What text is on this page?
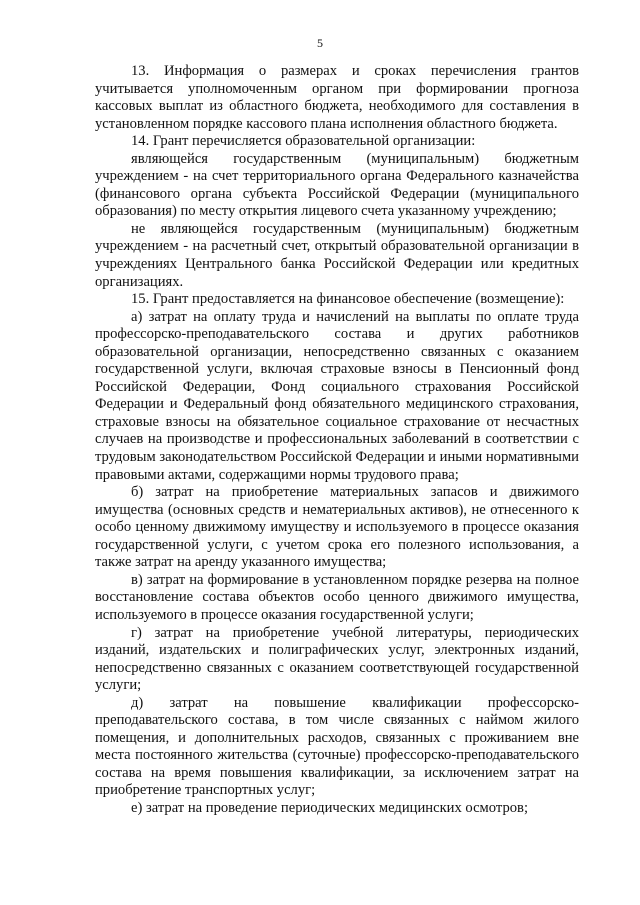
5

13. Информация о размерах и сроках перечисления грантов учитывается уполномоченным органом при формировании прогноза кассовых выплат из областного бюджета, необходимого для составления в установленном порядке кассового плана исполнения областного бюджета.

14. Грант перечисляется образовательной организации:

являющейся государственным (муниципальным) бюджетным учреждением - на счет территориального органа Федерального казначейства (финансового органа субъекта Российской Федерации (муниципального образования) по месту открытия лицевого счета указанному учреждению;

не являющейся государственным (муниципальным) бюджетным учреждением - на расчетный счет, открытый образовательной организации в учреждениях Центрального банка Российской Федерации или кредитных организациях.

15. Грант предоставляется на финансовое обеспечение (возмещение):

а) затрат на оплату труда и начислений на выплаты по оплате труда профессорско-преподавательского состава и других работников образовательной организации, непосредственно связанных с оказанием государственной услуги, включая страховые взносы в Пенсионный фонд Российской Федерации, Фонд социального страхования Российской Федерации и Федеральный фонд обязательного медицинского страхования, страховые взносы на обязательное социальное страхование от несчастных случаев на производстве и профессиональных заболеваний в соответствии с трудовым законодательством Российской Федерации и иными нормативными правовыми актами, содержащими нормы трудового права;

б) затрат на приобретение материальных запасов и движимого имущества (основных средств и нематериальных активов), не отнесенного к особо ценному движимому имуществу и используемого в процессе оказания государственной услуги, с учетом срока его полезного использования, а также затрат на аренду указанного имущества;

в) затрат на формирование в установленном порядке резерва на полное восстановление состава объектов особо ценного движимого имущества, используемого в процессе оказания государственной услуги;

г) затрат на приобретение учебной литературы, периодических изданий, издательских и полиграфических услуг, электронных изданий, непосредственно связанных с оказанием соответствующей государственной услуги;

д) затрат на повышение квалификации профессорско-преподавательского состава, в том числе связанных с наймом жилого помещения, и дополнительных расходов, связанных с проживанием вне места постоянного жительства (суточные) профессорско-преподавательского состава на время повышения квалификации, за исключением затрат на приобретение транспортных услуг;

е) затрат на проведение периодических медицинских осмотров;
